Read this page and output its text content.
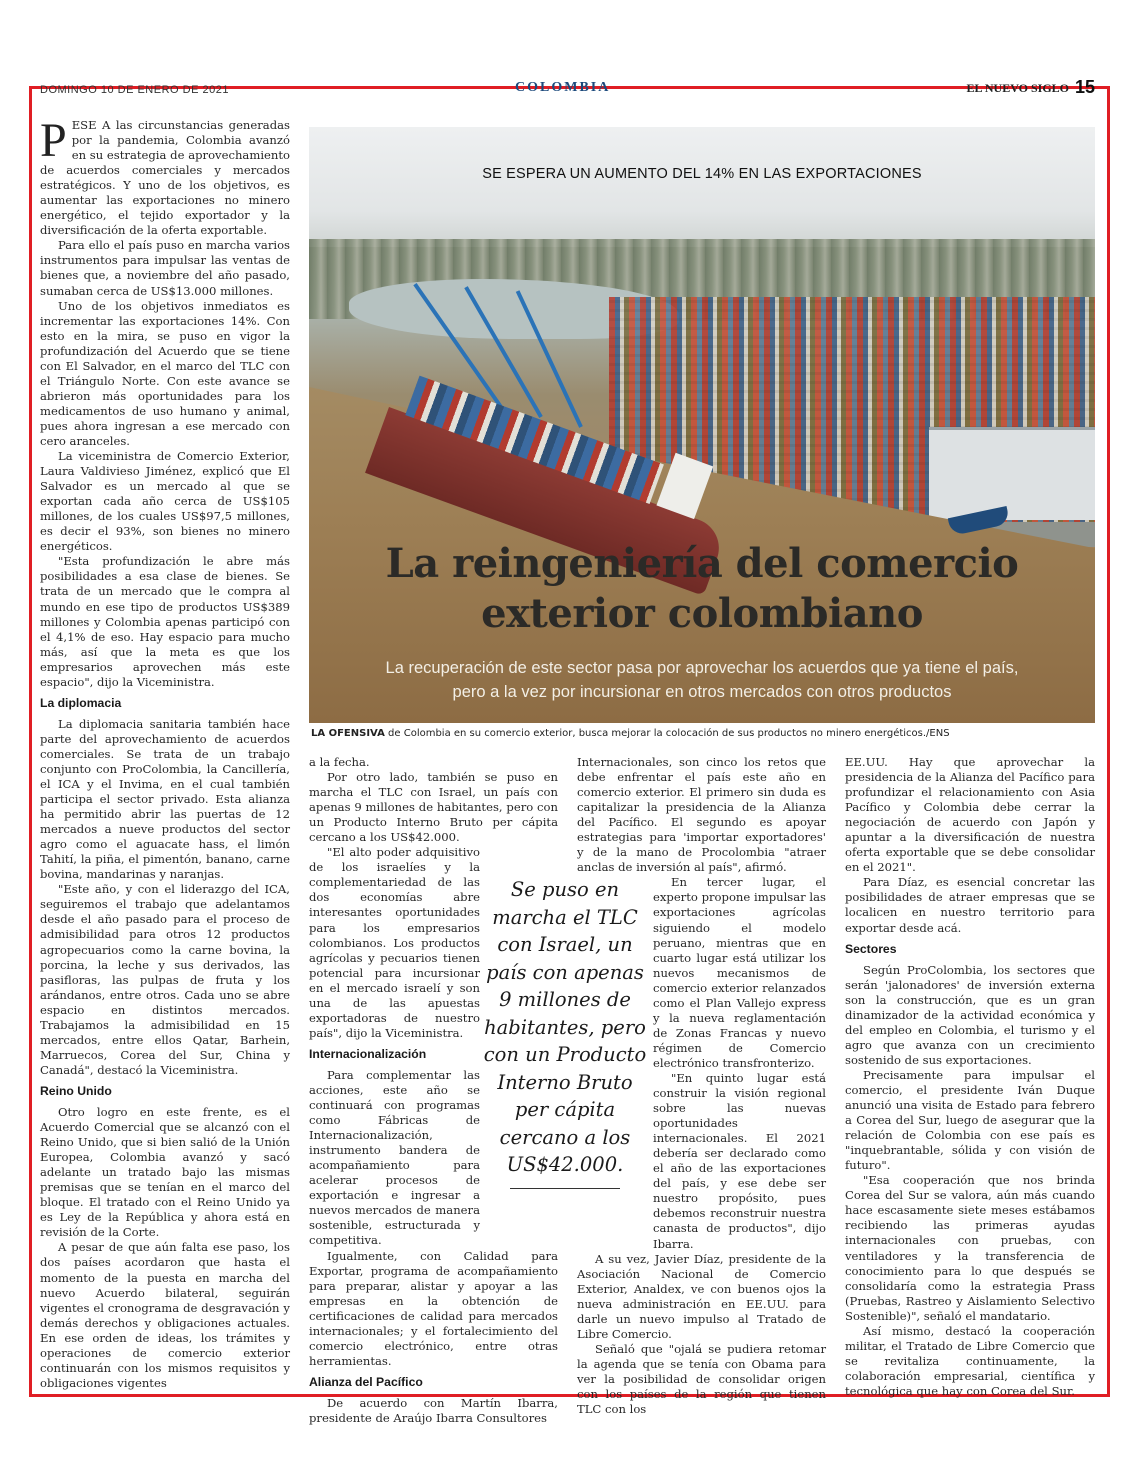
DOMINGO 10 DE ENERO DE 2021	COLOMBIA	EL NUEVO SIGLO 15

PESE A las circunstancias generadas por la pandemia, Colombia avanzó en su estrategia de aprovechamiento de acuerdos comerciales y mercados estratégicos. Y uno de los objetivos, es aumentar las exportaciones no minero energético, el tejido exportador y la diversificación de la oferta exportable.

Para ello el país puso en marcha varios instrumentos para impulsar las ventas de bienes que, a noviembre del año pasado, sumaban cerca de US$13.000 millones.

Uno de los objetivos inmediatos es incrementar las exportaciones 14%. Con esto en la mira, se puso en vigor la profundización del Acuerdo que se tiene con El Salvador, en el marco del TLC con el Triángulo Norte. Con este avance se abrieron más oportunidades para los medicamentos de uso humano y animal, pues ahora ingresan a ese mercado con cero aranceles.

La viceministra de Comercio Exterior, Laura Valdivieso Jiménez, explicó que El Salvador es un mercado al que se exportan cada año cerca de US$105 millones, de los cuales US$97,5 millones, es decir el 93%, son bienes no minero energéticos.

"Esta profundización le abre más posibilidades a esa clase de bienes. Se trata de un mercado que le compra al mundo en ese tipo de productos US$389 millones y Colombia apenas participó con el 4,1% de eso. Hay espacio para mucho más, así que la meta es que los empresarios aprovechen más este espacio", dijo la Viceministra.

La diplomacia

La diplomacia sanitaria también hace parte del aprovechamiento de acuerdos comerciales. Se trata de un trabajo conjunto con ProColombia, la Cancillería, el ICA y el Invima, en el cual también participa el sector privado. Esta alianza ha permitido abrir las puertas de 12 mercados a nueve productos del sector agro como el aguacate hass, el limón Tahití, la piña, el pimentón, banano, carne bovina, mandarinas y naranjas.

"Este año, y con el liderazgo del ICA, seguiremos el trabajo que adelantamos desde el año pasado para el proceso de admisibilidad para otros 12 productos agropecuarios como la carne bovina, la porcina, la leche y sus derivados, las pasifloras, las pulpas de fruta y los arándanos, entre otros. Cada uno se abre espacio en distintos mercados. Trabajamos la admisibilidad en 15 mercados, entre ellos Qatar, Barhein, Marruecos, Corea del Sur, China y Canadá", destacó la Viceministra.

Reino Unido

Otro logro en este frente, es el Acuerdo Comercial que se alcanzó con el Reino Unido, que si bien salió de la Unión Europea, Colombia avanzó y sacó adelante un tratado bajo las mismas premisas que se tenían en el marco del bloque. El tratado con el Reino Unido ya es Ley de la República y ahora está en revisión de la Corte.

A pesar de que aún falta ese paso, los dos países acordaron que hasta el momento de la puesta en marcha del nuevo Acuerdo bilateral, seguirán vigentes el cronograma de desgravación y demás derechos y obligaciones actuales. En ese orden de ideas, los trámites y operaciones de comercio exterior continuarán con los mismos requisitos y obligaciones vigentes

SE ESPERA UN AUMENTO DEL 14% EN LAS EXPORTACIONES
La reingeniería del comercio
exterior colombiano
La recuperación de este sector pasa por aprovechar los acuerdos que ya tiene el país,
pero a la vez por incursionar en otros mercados con otros productos
LA OFENSIVA de Colombia en su comercio exterior, busca mejorar la colocación de sus productos no minero energéticos./ENS

a la fecha.

Por otro lado, también se puso en marcha el TLC con Israel, un país con apenas 9 millones de habitantes, pero con un Producto Interno Bruto per cápita cercano a los US$42.000.

"El alto poder adquisitivo de los israelíes y la complementariedad de las dos economías abre interesantes oportunidades para los empresarios colombianos. Los productos agrícolas y pecuarios tienen potencial para incursionar en el mercado israelí y son una de las apuestas exportadoras de nuestro país", dijo la Viceministra.

Internacionalización

Para complementar las acciones, este año se continuará con programas como Fábricas de Internacionalización, instrumento bandera de acompañamiento para acelerar procesos de exportación e ingresar a nuevos mercados de manera sostenible, estructurada y competitiva.

Igualmente, con Calidad para Exportar, programa de acompañamiento para preparar, alistar y apoyar a las empresas en la obtención de certificaciones de calidad para mercados internacionales; y el fortalecimiento del comercio electrónico, entre otras herramientas.

Alianza del Pacífico

De acuerdo con Martín Ibarra, presidente de Araújo Ibarra Consultores

Internacionales, son cinco los retos que debe enfrentar el país este año en comercio exterior. El primero sin duda es capitalizar la presidencia de la Alianza del Pacífico. El segundo es apoyar estrategias para 'importar exportadores' y de la mano de Procolombia "atraer anclas de inversión al país", afirmó.

En tercer lugar, el experto propone impulsar las exportaciones agrícolas siguiendo el modelo peruano, mientras que en cuarto lugar está utilizar los nuevos mecanismos de comercio exterior relanzados como el Plan Vallejo express y la nueva reglamentación de Zonas Francas y nuevo régimen de Comercio electrónico transfronterizo.

"En quinto lugar está construir la visión regional sobre las nuevas oportunidades internacionales. El 2021 debería ser declarado como el año de las exportaciones del país, y ese debe ser nuestro propósito, pues debemos reconstruir nuestra canasta de productos", dijo Ibarra.

A su vez, Javier Díaz, presidente de la Asociación Nacional de Comercio Exterior, Analdex, ve con buenos ojos la nueva administración en EE.UU. para darle un nuevo impulso al Tratado de Libre Comercio.

Señaló que "ojalá se pudiera retomar la agenda que se tenía con Obama para ver la posibilidad de consolidar origen con los países de la región que tienen TLC con los

Se puso en marcha el TLC con Israel, un país con apenas 9 millones de habitantes, pero con un Producto Interno Bruto per cápita cercano a los US$42.000.

EE.UU. Hay que aprovechar la presidencia de la Alianza del Pacífico para profundizar el relacionamiento con Asia Pacífico y Colombia debe cerrar la negociación de acuerdo con Japón y apuntar a la diversificación de nuestra oferta exportable que se debe consolidar en el 2021".

Para Díaz, es esencial concretar las posibilidades de atraer empresas que se localicen en nuestro territorio para exportar desde acá.

Sectores

Según ProColombia, los sectores que serán 'jalonadores' de inversión externa son la construcción, que es un gran dinamizador de la actividad económica y del empleo en Colombia, el turismo y el agro que avanza con un crecimiento sostenido de sus exportaciones.

Precisamente para impulsar el comercio, el presidente Iván Duque anunció una visita de Estado para febrero a Corea del Sur, luego de asegurar que la relación de Colombia con ese país es "inquebrantable, sólida y con visión de futuro".

"Esa cooperación que nos brinda Corea del Sur se valora, aún más cuando hace escasamente siete meses estábamos recibiendo las primeras ayudas internacionales con pruebas, con ventiladores y la transferencia de conocimiento para lo que después se consolidaría como la estrategia Prass (Pruebas, Rastreo y Aislamiento Selectivo Sostenible)", señaló el mandatario.

Así mismo, destacó la cooperación militar, el Tratado de Libre Comercio que se revitaliza continuamente, la colaboración empresarial, científica y tecnológica que hay con Corea del Sur.
